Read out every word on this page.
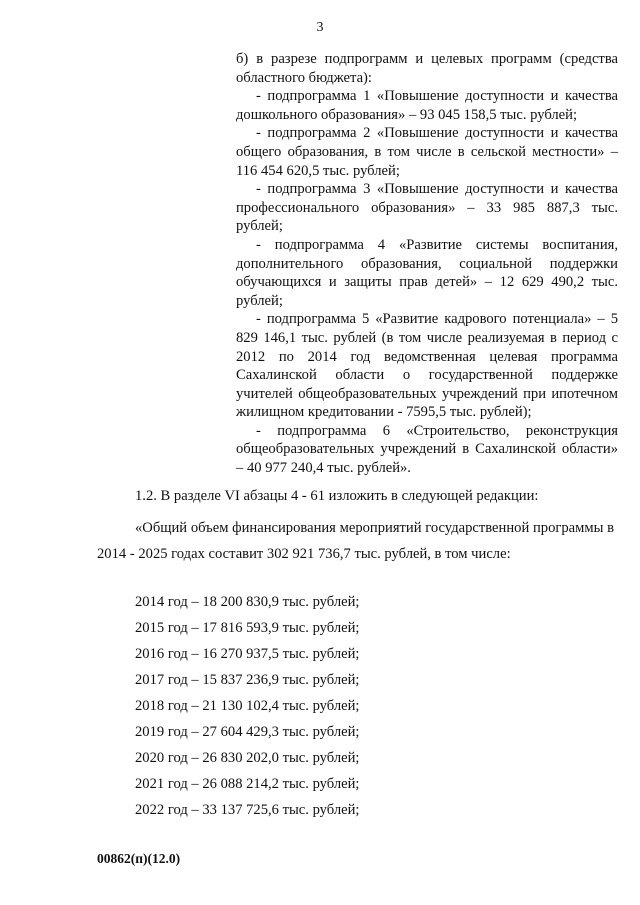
3

б) в разрезе подпрограмм и целевых программ (средства областного бюджета):

- подпрограмма 1 «Повышение доступности и качества дошкольного образования» – 93 045 158,5 тыс. рублей;

- подпрограмма 2 «Повышение доступности и качества общего образования, в том числе в сельской местности» – 116 454 620,5 тыс. рублей;

- подпрограмма 3 «Повышение доступности и качества профессионального образования» – 33 985 887,3 тыс. рублей;

- подпрограмма 4 «Развитие системы воспитания, дополнительного образования, социальной поддержки обучающихся и защиты прав детей» – 12 629 490,2 тыс. рублей;

- подпрограмма 5 «Развитие кадрового потенциала» – 5 829 146,1 тыс. рублей (в том числе реализуемая в период с 2012 по 2014 год ведомственная целевая программа Сахалинской области о государственной поддержке учителей общеобразовательных учреждений при ипотечном жилищном кредитовании - 7595,5 тыс. рублей);

- подпрограмма 6 «Строительство, реконструкция общеобразовательных учреждений в Сахалинской области» – 40 977 240,4 тыс. рублей».

1.2. В разделе VI абзацы 4 - 61 изложить в следующей редакции:
«Общий объем финансирования мероприятий государственной программы в 2014 - 2025 годах составит 302 921 736,7 тыс. рублей, в том числе:
2014 год – 18 200 830,9 тыс. рублей;
2015 год – 17 816 593,9 тыс. рублей;
2016 год – 16 270 937,5 тыс. рублей;
2017 год – 15 837 236,9 тыс. рублей;
2018 год – 21 130 102,4 тыс. рублей;
2019 год – 27 604 429,3 тыс. рублей;
2020 год – 26 830 202,0 тыс. рублей;
2021 год – 26 088 214,2 тыс. рублей;
2022 год – 33 137 725,6 тыс. рублей;
00862(п)(12.0)
